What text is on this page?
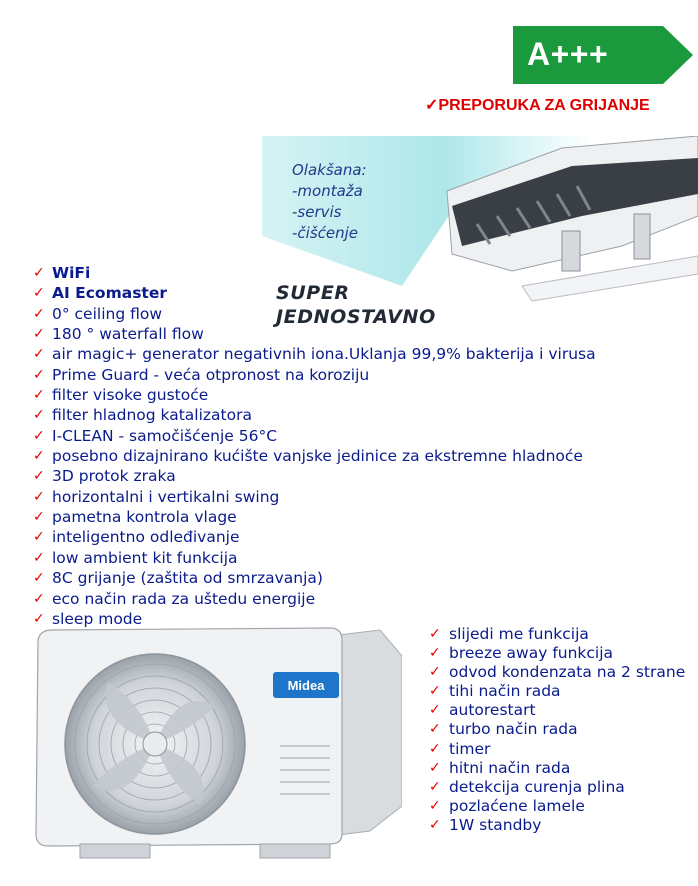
A+++
✓PREPORUKA ZA GRIJANJE
Olakšana:
-montaža
-servis
-čišćenje
SUPER
JEDNOSTAVNO
✓ WiFi
✓ AI Ecomaster
✓ 0° ceiling flow
✓ 180 ° waterfall flow
✓ air magic+ generator negativnih iona.Uklanja 99,9% bakterija i virusa
✓ Prime Guard - veća otpronost na koroziju
✓ filter visoke gustoće
✓ filter hladnog katalizatora
✓ I-CLEAN - samočišćenje 56°C
✓ posebno dizajnirano kućište vanjske jedinice za ekstremne hladnoće
✓ 3D protok zraka
✓ horizontalni i vertikalni swing
✓ pametna kontrola vlage
✓ inteligentno odleđivanje
✓ low ambient kit funkcija
✓ 8C grijanje (zaštita od smrzavanja)
✓ eco način rada za uštedu energije
✓ sleep mode
Midea
✓ slijedi me funkcija
✓ breeze away funkcija
✓ odvod kondenzata na 2 strane
✓ tihi način rada
✓ autorestart
✓ turbo način rada
✓ timer
✓ hitni način rada
✓ detekcija curenja plina
✓ pozlaćene lamele
✓ 1W standby
